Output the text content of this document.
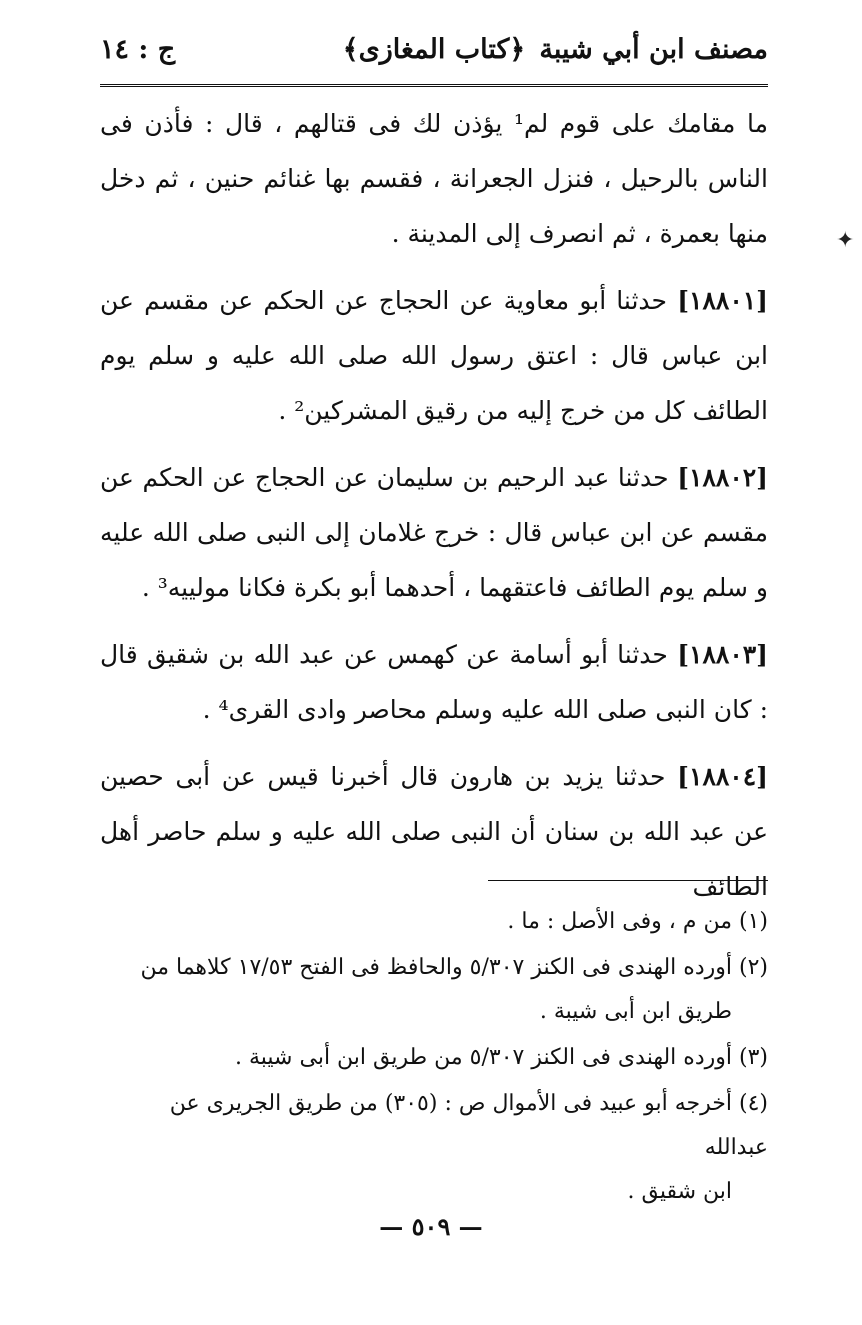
مصنف ابن أبي شيبة
﴿كتاب المغازى﴾
ج : ١٤

ما مقامك على قوم لم¹ يؤذن لك فى قتالهم ، قال : فأذن فى الناس بالرحيل ، فنزل الجعرانة ، فقسم بها غنائم حنين ، ثم دخل منها بعمرة ، ثم انصرف إلى المدينة .

[١٨٨٠١] حدثنا أبو معاوية عن الحجاج عن الحكم عن مقسم عن ابن عباس قال : اعتق رسول الله صلى الله عليه و سلم يوم الطائف كل من خرج إليه من رقيق المشركين² .

[١٨٨٠٢] حدثنا عبد الرحيم بن سليمان عن الحجاج عن الحكم عن مقسم عن ابن عباس قال : خرج غلامان إلى النبى صلى الله عليه و سلم يوم الطائف فاعتقهما ، أحدهما أبو بكرة فكانا مولييه³ .

[١٨٨٠٣] حدثنا أبو أسامة عن كهمس عن عبد الله بن شقيق قال : كان النبى صلى الله عليه وسلم محاصر وادى القرى⁴ .

[١٨٨٠٤] حدثنا يزيد بن هارون قال أخبرنا قيس عن أبى حصين عن عبد الله بن سنان أن النبى صلى الله عليه و سلم حاصر أهل الطائف

(١) من م ، وفى الأصل : ما .
(٢) أورده الهندى فى الكنز ٥/٣٠٧ والحافظ فى الفتح ١٧/٥٣ كلاهما من
طريق ابن أبى شيبة .
(٣) أورده الهندى فى الكنز ٥/٣٠٧ من طريق ابن أبى شيبة .
(٤) أخرجه أبو عبيد فى الأموال ص : (٣٠٥) من طريق الجريرى عن عبدالله
ابن شقيق .
— ٥٠٩ —
✦
